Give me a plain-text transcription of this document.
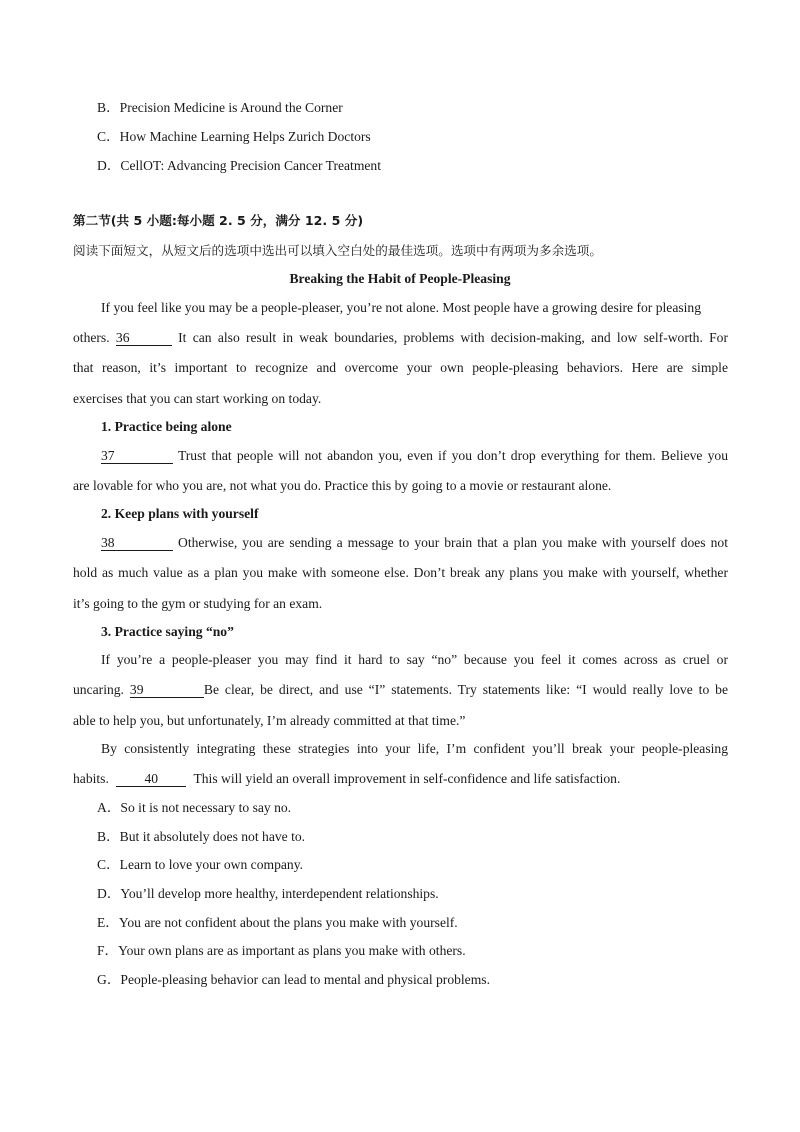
B．Precision Medicine is Around the Corner
C．How Machine Learning Helps Zurich Doctors
D．CellOT: Advancing Precision Cancer Treatment
第二节(共 5 小题:每小题 2. 5 分，满分 12. 5 分)
阅读下面短文，从短文后的选项中选出可以填入空白处的最佳选项。选项中有两项为多余选项。
Breaking the Habit of People-Pleasing
If you feel like you may be a people-pleaser, you’re not alone. Most people have a growing desire for pleasing
others. 36	It can also result in weak boundaries, problems with decision-making, and low self-worth. For
that reason, it’s important to recognize and overcome your own people-pleasing behaviors. Here are simple
exercises that you can start working on today.
1. Practice being alone
37	Trust that people will not abandon you, even if you don’t drop everything for them. Believe you
are lovable for who you are, not what you do. Practice this by going to a movie or restaurant alone.
2. Keep plans with yourself
38	Otherwise, you are sending a message to your brain that a plan you make with yourself does not
hold as much value as a plan you make with someone else. Don’t break any plans you make with yourself, whether
it’s going to the gym or studying for an exam.
3. Practice saying “no”
If you’re a people-pleaser you may find it hard to say “no” because you feel it comes across as cruel or
uncaring. 39	Be clear, be direct, and use “I” statements. Try statements like: “I would really love to be
able to help you, but unfortunately, I’m already committed at that time.”
By consistently integrating these strategies into your life, I’m confident you’ll break your people-pleasing
habits.	40	This will yield an overall improvement in self-confidence and life satisfaction.
A．So it is not necessary to say no.
B．But it absolutely does not have to.
C．Learn to love your own company.
D．You’ll develop more healthy, interdependent relationships.
E．You are not confident about the plans you make with yourself.
F．Your own plans are as important as plans you make with others.
G．People-pleasing behavior can lead to mental and physical problems.
